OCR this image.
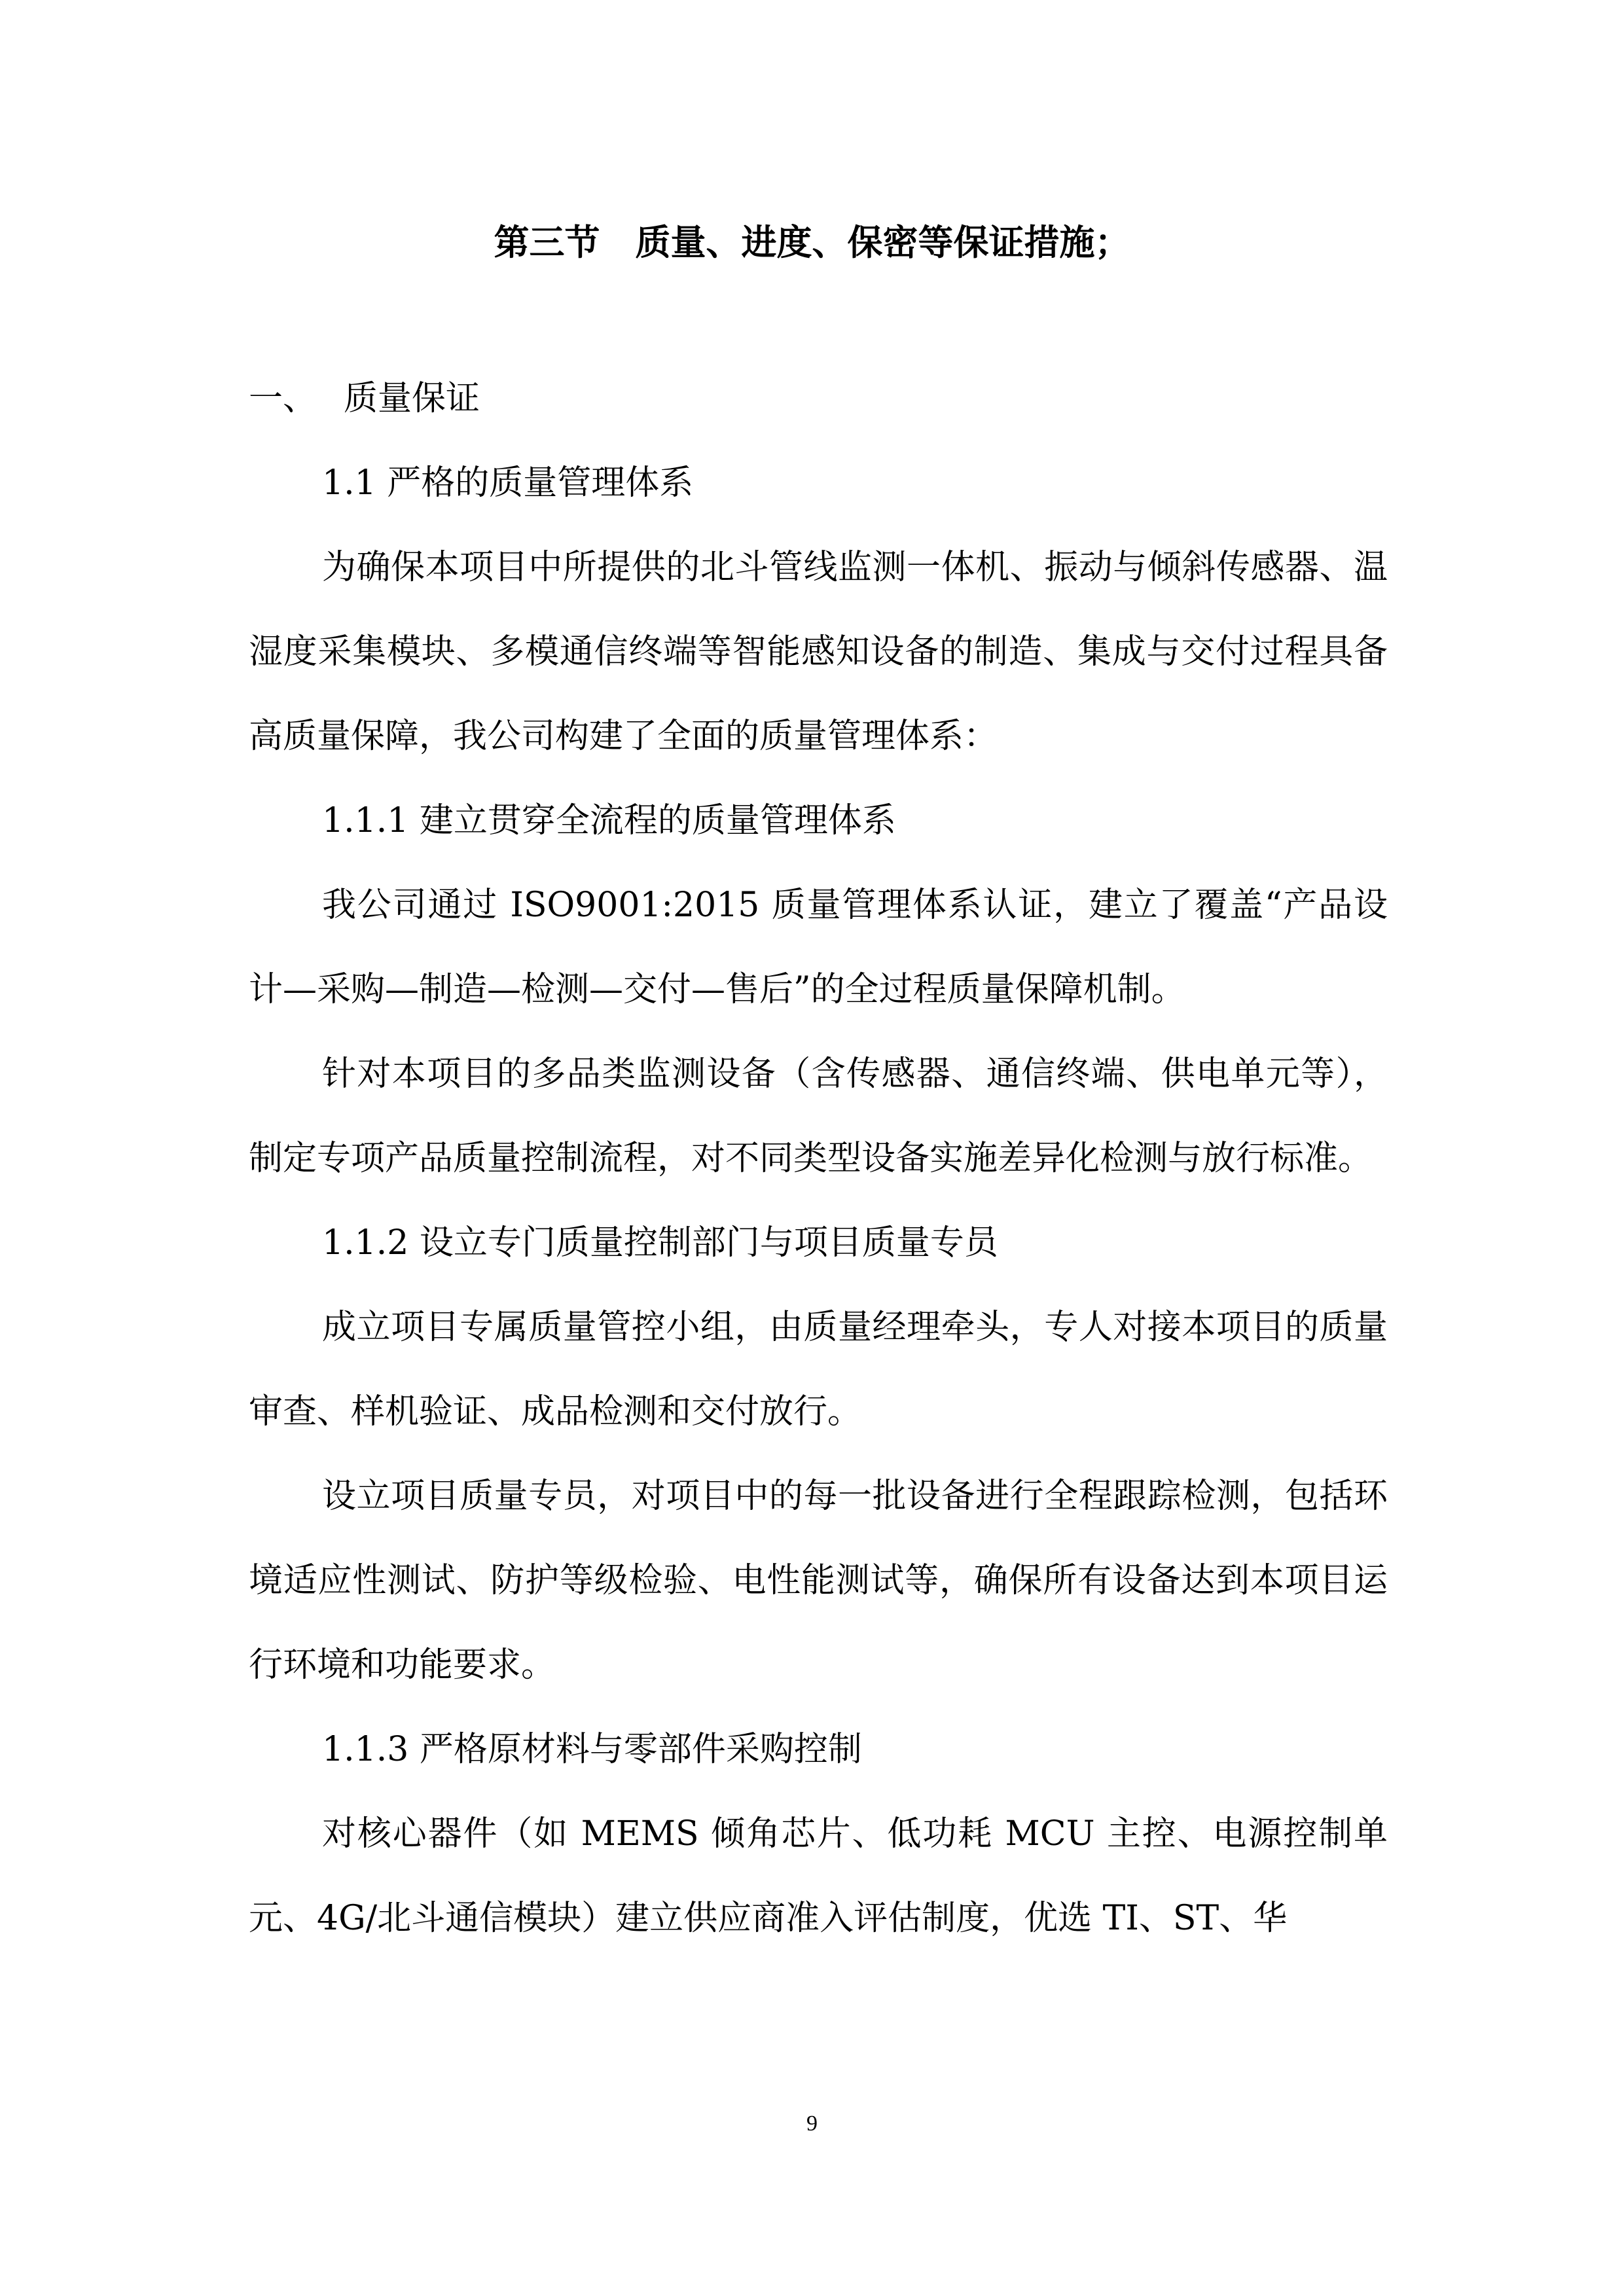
第三节　质量、进度、保密等保证措施；

一、 质量保证

1.1 严格的质量管理体系

为确保本项目中所提供的北斗管线监测一体机、振动与倾斜传感器、温湿度采集模块、多模通信终端等智能感知设备的制造、集成与交付过程具备高质量保障，我公司构建了全面的质量管理体系：

1.1.1 建立贯穿全流程的质量管理体系

我公司通过 ISO9001:2015 质量管理体系认证，建立了覆盖“产品设计—采购—制造—检测—交付—售后”的全过程质量保障机制。

针对本项目的多品类监测设备（含传感器、通信终端、供电单元等），制定专项产品质量控制流程，对不同类型设备实施差异化检测与放行标准。

1.1.2 设立专门质量控制部门与项目质量专员

成立项目专属质量管控小组，由质量经理牵头，专人对接本项目的质量审查、样机验证、成品检测和交付放行。

设立项目质量专员，对项目中的每一批设备进行全程跟踪检测，包括环境适应性测试、防护等级检验、电性能测试等，确保所有设备达到本项目运行环境和功能要求。

1.1.3 严格原材料与零部件采购控制

对核心器件（如 MEMS 倾角芯片、低功耗 MCU 主控、电源控制单元、4G/北斗通信模块）建立供应商准入评估制度，优选 TI、ST、华

9
